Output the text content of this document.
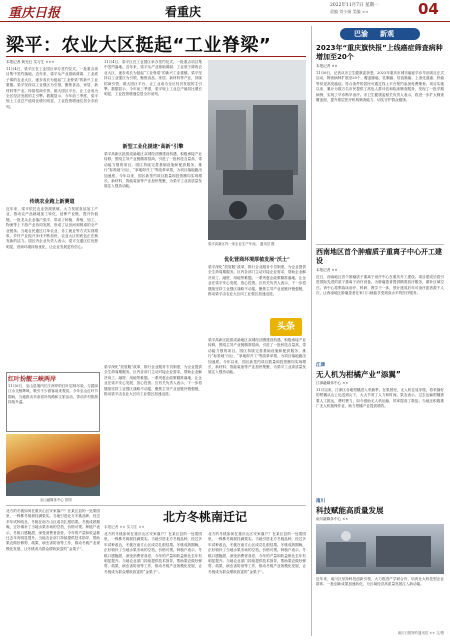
重庆日报	看重庆	2022年11月7日 星期一
责编 刘小娟 美编 ××	04
梁平：农业大区挺起“工业脊梁”
本报记者 黄光红 实习生 ×××
11月4日，梁平区在工业园区举办签约仪式，一批重点项目集中签约落地。近年来，梁平从产业基础薄弱、工业底子薄的农业大区，逐步成长为挺起“工业脊梁”的新兴工业重镇。梁平坚持以工业强区为引领，聚焦食品、家居、新材料等产业，持续招商引资、做大园区平台，让工业成为全区经济发展的主引擎。数据显示，今年前三季度，梁平规上工业总产值同比增长明显，工业投资增速位居全市前列。
传统农业跑上新赛道
近年来，梁平依托农业资源禀赋，大力发展食品加工产业，推动农产品就地加工转化，延伸产业链、提升价值链。一批龙头企业落户梁平，带动了种植、养殖、加工、物流等上下游产业协同发展，形成了从田间到餐桌的全产业链条。当地农民通过订单农业、务工就业等方式实现增收，乡村产业振兴步伐不断加快，农业大区的底色正在焕发新的活力。园区内企业负责人表示，梁平交通区位优势明显，营商环境持续优化，让企业发展更有信心。
11月4日，梁平区在工业园区举办签约仪式，一批重点项目集中签约落地。近年来，梁平从产业基础薄弱、工业底子薄的农业大区，逐步成长为挺起“工业脊梁”的新兴工业重镇。梁平坚持以工业强区为引领，聚焦食品、家居、新材料等产业，持续招商引资、做大园区平台，让工业成为全区经济发展的主引擎。数据显示，今年前三季度，梁平规上工业总产值同比增长明显，工业投资增速位居全市前列。
新型工业化提速“高新”引擎
梁平高新区抢抓成渝地区双城经济圈建设机遇，积极承接产业转移，围绕主导产业链精准招商，引进了一批科技含量高、带动能力强的项目。园区持续完善基础设施和配套服务，推行“标准地”出让、“拿地即开工”等改革举措，为项目落地跑出加速度。今年以来，园区新签约项目数量和投资额均实现增长，新材料、智能装备等产业加快集聚，为梁平工业高质量发展注入强劲动能。
梁平高新区内一家企业生产车间。 通讯员 摄
优化营商环境厚植发展“沃土”
梁平深化“放管服”改革，推行企业服务专员制度，为企业提供全生命周期服务。区内各部门主动对接企业需求，帮助企业解决用工、融资、用地等难题。一系列惠企政策精准落地，让企业在梁平安心发展、放心投资。区有关负责人表示，下一步将继续坚持工业强区战略不动摇，聚焦主导产业延链补链强链，推动梁平由农业大区向工业强区加速迈进。
梁平深化“放管服”改革，推行企业服务专员制度，为企业提供全生命周期服务。区内各部门主动对接企业需求，帮助企业解决用工、融资、用地等难题。一系列惠企政策精准落地，让企业在梁平安心发展、放心投资。区有关负责人表示，下一步将继续坚持工业强区战略不动摇，聚焦主导产业延链补链强链，推动梁平由农业大区向工业强区加速迈进。
梁平高新区抢抓成渝地区双城经济圈建设机遇，积极承接产业转移，围绕主导产业链精准招商，引进了一批科技含量高、带动能力强的项目。园区持续完善基础设施和配套服务，推行“标准地”出让、“拿地即开工”等改革举措，为项目落地跑出加速度。今年以来，园区新签约项目数量和投资额均实现增长，新材料、智能装备等产业加快集聚，为梁平工业高质量发展注入强劲动能。
头条
红叶扮靓三峡两岸
11月6日，巫山县境内长江两岸的红叶层林尽染，与碧绿江水交相辉映，吸引不少游客前来观赏。今年巫山红叶节期间，当地推出多条赏叶线路和文旅活动，带动乡村旅游持续升温。
巫山融媒体中心 供图
北方的冬桃如何在重庆山区安家落户？在某区县的一处果园里，一株株冬桃树挂满果实。当地引进北方冬桃品种，经过多年试种改良，冬桃在南方山区成功扎根结果。冬桃成熟期晚，正好填补了当地水果市场的空档，价格可观。种植户表示，冬桃口感脆甜，深受消费者喜爱，今年的产量和收益都比去年有明显提升。当地农业部门持续提供技术指导，帮助果农做好修剪、疏果、病虫害防治等工作，推动冬桃产业规模化发展，让冬桃成为群众增收致富的“金果子”。
北方冬桃南迁记
本报记者 ×× 实习生 ××
北方的冬桃如何在重庆山区安家落户？在某区县的一处果园里，一株株冬桃树挂满果实。当地引进北方冬桃品种，经过多年试种改良，冬桃在南方山区成功扎根结果。冬桃成熟期晚，正好填补了当地水果市场的空档，价格可观。种植户表示，冬桃口感脆甜，深受消费者喜爱，今年的产量和收益都比去年有明显提升。当地农业部门持续提供技术指导，帮助果农做好修剪、疏果、病虫害防治等工作，推动冬桃产业规模化发展，让冬桃成为群众增收致富的“金果子”。
北方的冬桃如何在重庆山区安家落户？在某区县的一处果园里，一株株冬桃树挂满果实。当地引进北方冬桃品种，经过多年试种改良，冬桃在南方山区成功扎根结果。冬桃成熟期晚，正好填补了当地水果市场的空档，价格可观。种植户表示，冬桃口感脆甜，深受消费者喜爱，今年的产量和收益都比去年有明显提升。当地农业部门持续提供技术指导，帮助果农做好修剪、疏果、病虫害防治等工作，推动冬桃产业规模化发展，让冬桃成为群众增收致富的“金果子”。
巴渝 新观
2023年“重庆旗快报”上线癌症筛查病种增加至20个
本报记者 ××
11月6日，记者从市卫生健康委获悉，2023年重庆市城市癌症早诊早治项目正式启动，筛查病种扩展至20个，覆盖肺癌、乳腺癌、结直肠癌、上消化道癌、肝癌等常见高发癌症。符合条件的居民可通过线上平台预约参加免费筛查。项目实施以来，累计为数万名市民提供了高危人群评估和临床筛查服务，发现了一批早期病例，实现了早诊断早治疗。市卫生健康委相关负责人表示，将进一步扩大筛查覆盖面，提升基层医疗机构筛查能力，切实守护群众健康。
西南地区首个肿瘤质子重离子中心开工建设
本报记者 ××
近日，西南地区首个肿瘤质子重离子治疗中心在重庆开工建设。项目建成后将引进国际先进的质子重离子治疗设备，为肿瘤患者提供精准放疗服务，填补区域空白。该中心将集临床治疗、科研、教学于一体，预计建成后年可治疗患者数千人次，让西南地区肿瘤患者在家门口就能享受到高水平的医疗服务。
江津
无人机为柑橘产业“添翼”
江津融媒体中心 ××
11月以来，江津区各地柑橘进入采摘季。在果园里，无人机往返穿梭，将采摘好的柑橘从山上运送到山下，大大节省了人力和时间。果农表示，过去运输柑橘需要人工挑运，费时费力，如今借助无人机运输，效率提高了数倍。当地还积极推广无人机植保作业，助力柑橘产业提质增效。
南川
科技赋能高质量发展
南川融媒体中心 ××
近年来，南川区坚持科技创新引领，大力推进产学研合作，培育壮大科技型企业群体。一批创新成果加速转化，为区域经济高质量发展注入新动能。
南川日报特约通讯员 ×× 文/图
